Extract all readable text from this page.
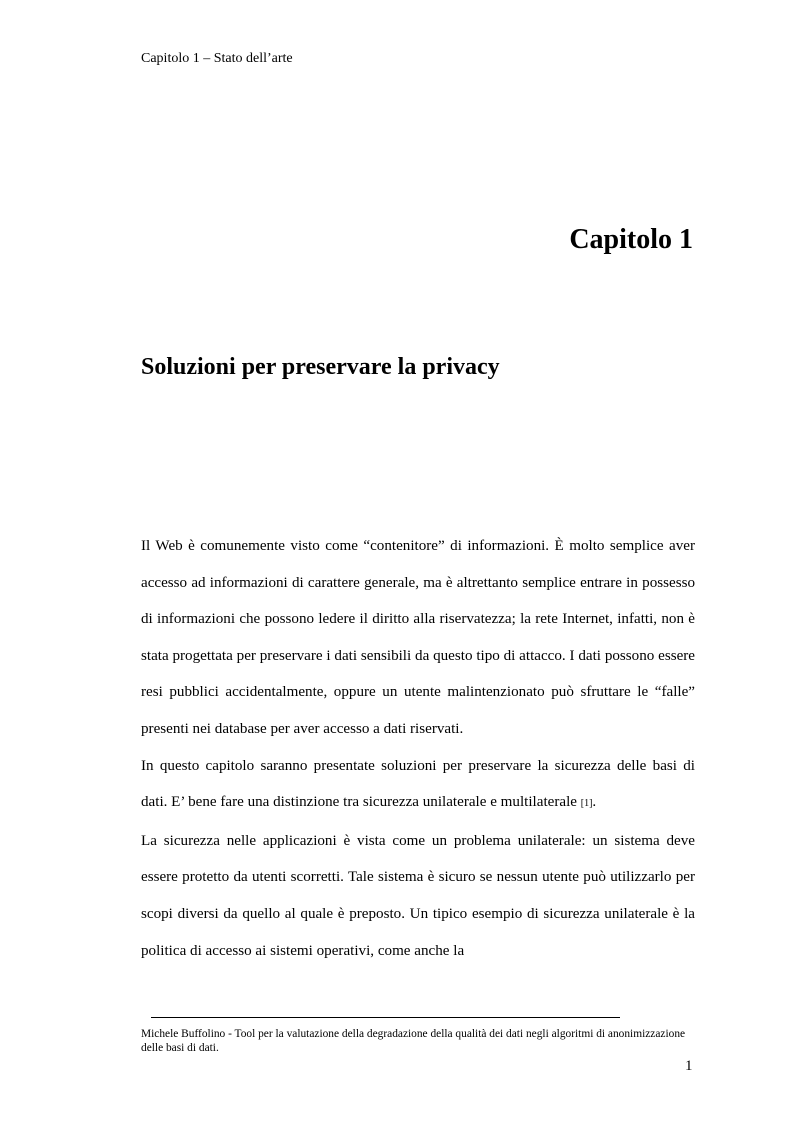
Capitolo 1 – Stato dell’arte
Capitolo 1
Soluzioni per preservare la privacy

Il Web è comunemente visto come “contenitore” di informazioni. È molto semplice aver accesso ad informazioni di carattere generale, ma è altrettanto semplice entrare in possesso di informazioni che possono ledere il diritto alla riservatezza; la rete Internet, infatti, non è stata progettata per preservare i dati sensibili da questo tipo di attacco. I dati possono essere resi pubblici accidentalmente, oppure un utente malintenzionato può sfruttare le “falle” presenti nei database per aver accesso a dati riservati.

In questo capitolo saranno presentate soluzioni per preservare la sicurezza delle basi di dati. E’ bene fare una distinzione tra sicurezza unilaterale e multilaterale [1].

La sicurezza nelle applicazioni è vista come un problema unilaterale: un sistema deve essere protetto da utenti scorretti. Tale sistema è sicuro se nessun utente può utilizzarlo per scopi diversi da quello al quale è preposto. Un tipico esempio di sicurezza unilaterale è la politica di accesso ai sistemi operativi, come anche la

Michele Buffolino - Tool per la valutazione della degradazione della qualità dei dati negli algoritmi di anonimizzazione delle basi di dati.
1
